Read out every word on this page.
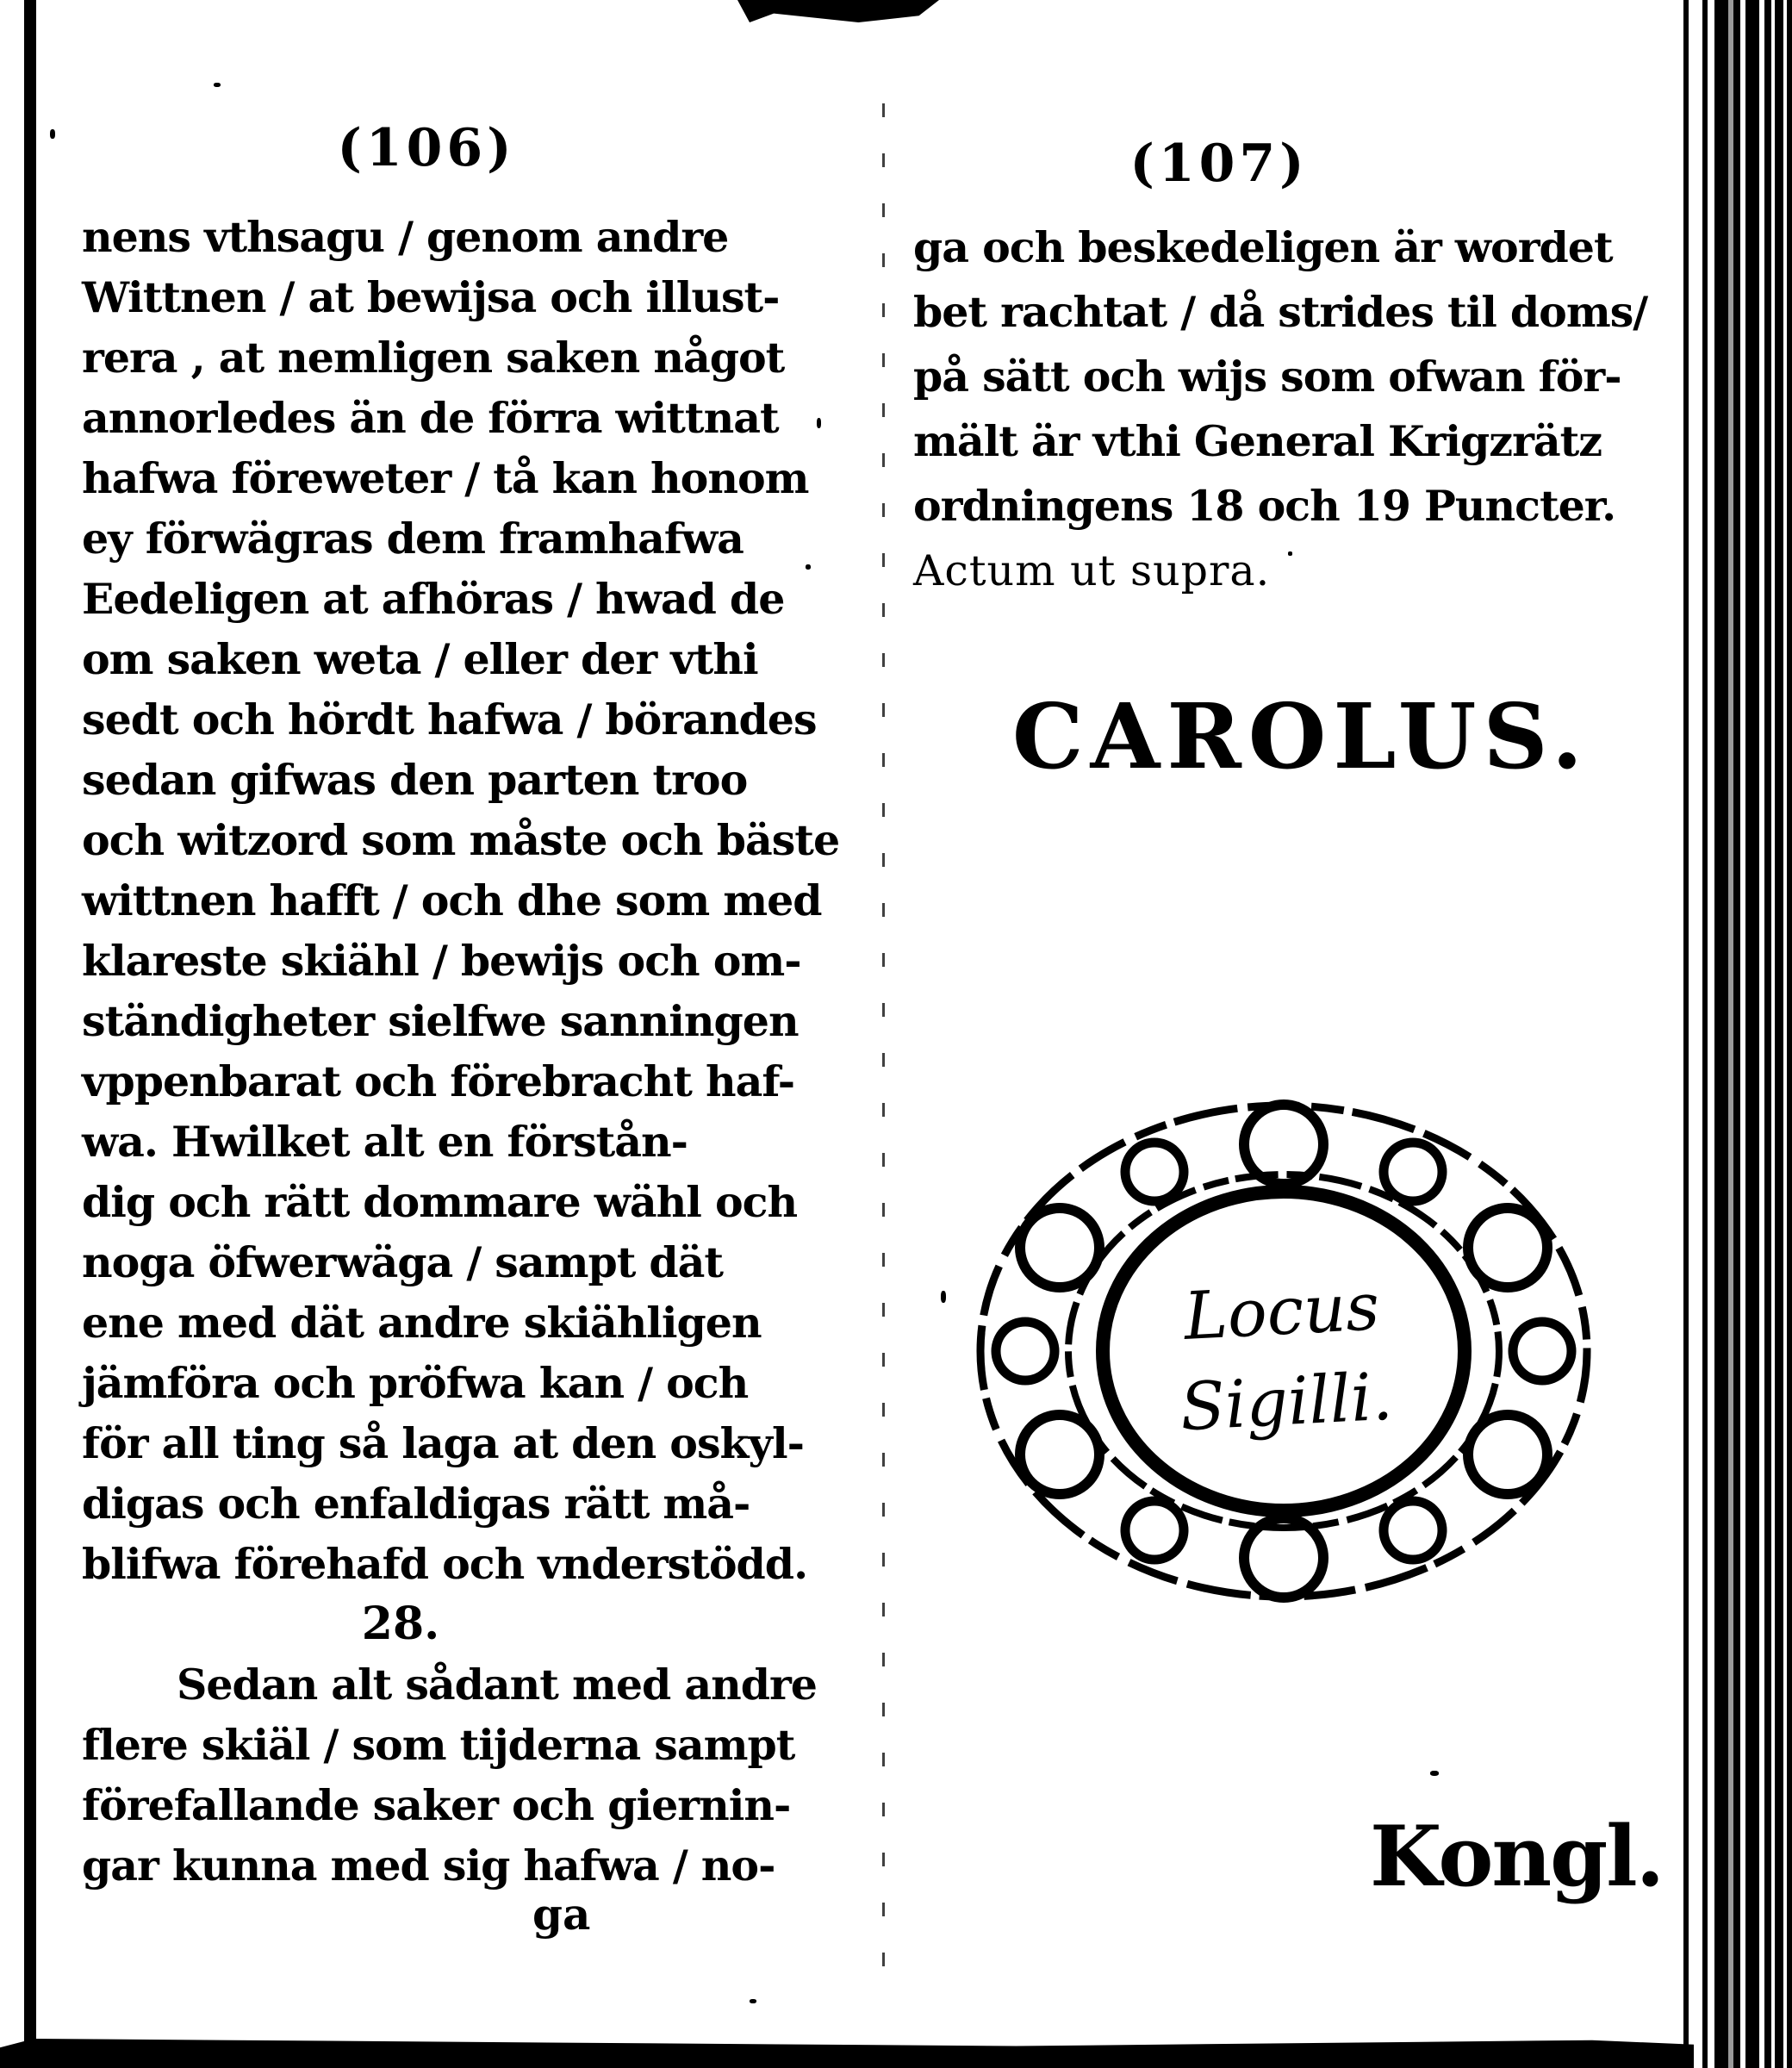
(106)
nens vthsagu / genom andre
Wittnen / at bewijsa och illust-
rera , at nemligen saken något
annorledes än de förra wittnat
hafwa föreweter / tå kan honom
ey förwägras dem framhafwa
Eedeligen at afhöras / hwad de
om saken weta / eller der vthi
sedt och hördt hafwa / börandes
sedan gifwas den parten troo
och witzord som måste och bäste
wittnen hafft / och dhe som med
klareste skiähl / bewijs och om-
ständigheter sielfwe sanningen
vppenbarat och förebracht haf-
wa. Hwilket alt en förstån-
dig och rätt dommare wähl och
noga öfwerwäga / sampt dät
ene med dät andre skiähligen
jämföra och pröfwa kan / och
för all ting så laga at den oskyl-
digas och enfaldigas rätt må-
blifwa förehafd och vnderstödd.
28.
Sedan alt sådant med andre
flere skiäl / som tijderna sampt
förefallande saker och giernin-
gar kunna med sig hafwa / no-
ga
(107)
ga och beskedeligen är wordet
bet rachtat / då strides til doms/
på sätt och wijs som ofwan för-
mält är vthi General Krigzrätz
ordningens 18 och 19 Puncter.
Actum ut supra.
CAROLUS.
Locus
Sigilli.
Kongl.
